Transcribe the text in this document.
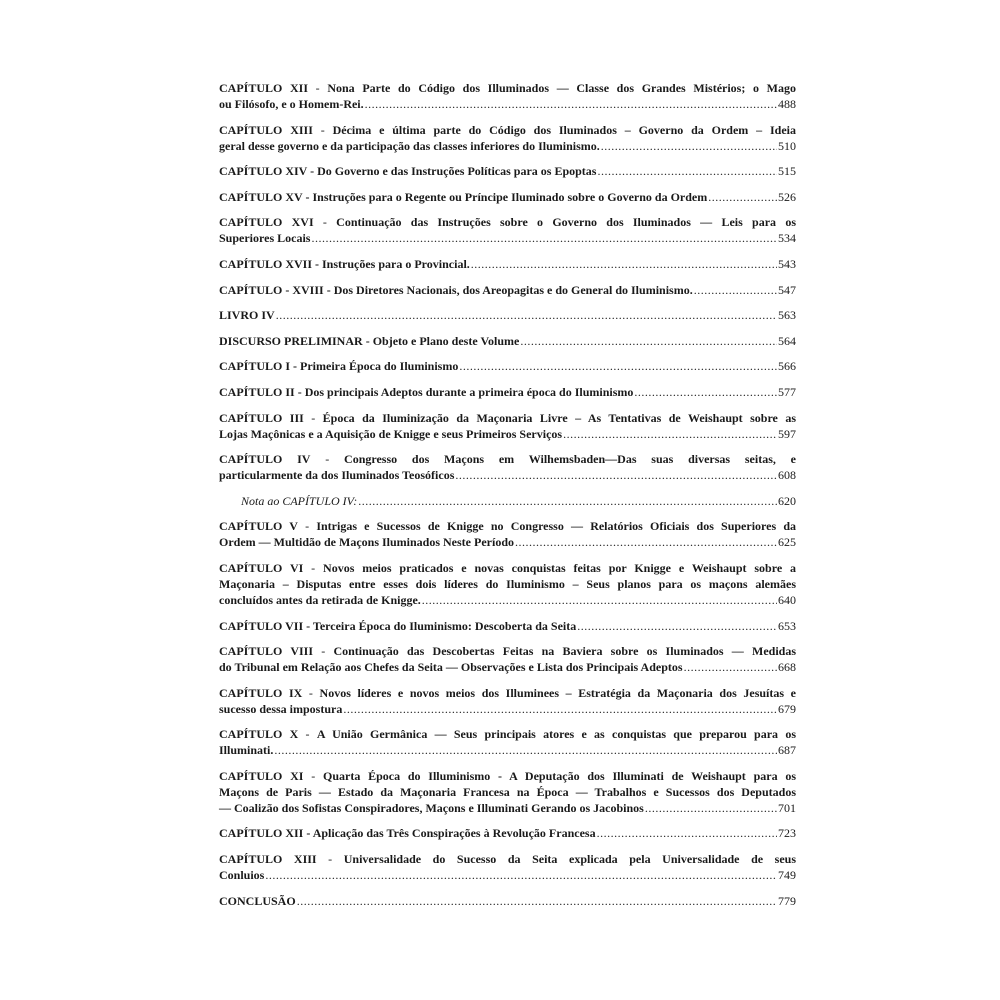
CAPÍTULO XII - Nona Parte do Código dos Illuminados — Classe dos Grandes Mistérios; o Mago
ou Filósofo, e o Homem-Rei. .....	488
CAPÍTULO XIII - Décima e última parte do Código dos Iluminados – Governo da Ordem – Ideia
geral desse governo e da participação das classes inferiores do Iluminismo. .....	510
CAPÍTULO XIV - Do Governo e das Instruções Políticas para os Epoptas .....	515
CAPÍTULO XV - Instruções para o Regente ou Príncipe Iluminado sobre o Governo da Ordem .....	526
CAPÍTULO XVI - Continuação das Instruções sobre o Governo dos Iluminados — Leis para os
Superiores Locais .....	534
CAPÍTULO XVII - Instruções para o Provincial. .....	543
CAPÍTULO - XVIII - Dos Diretores Nacionais, dos Areopagitas e do General do Iluminismo. .....	547
LIVRO IV .....	563
DISCURSO PRELIMINAR - Objeto e Plano deste Volume .....	564
CAPÍTULO I - Primeira Época do Iluminismo .....	566
CAPÍTULO II - Dos principais Adeptos durante a primeira época do Iluminismo .....	577
CAPÍTULO III - Época da Iluminização da Maçonaria Livre – As Tentativas de Weishaupt sobre as
Lojas Maçônicas e a Aquisição de Knigge e seus Primeiros Serviços .....	597
CAPÍTULO IV - Congresso dos Maçons em Wilhemsbaden—Das suas diversas seitas, e
particularmente da dos Iluminados Teosóficos .....	608
Nota ao CAPÍTULO IV: .....	620
CAPÍTULO V - Intrigas e Sucessos de Knigge no Congresso — Relatórios Oficiais dos Superiores da
Ordem — Multidão de Maçons Iluminados Neste Período .....	625
CAPÍTULO VI - Novos meios praticados e novas conquistas feitas por Knigge e Weishaupt sobre a
Maçonaria – Disputas entre esses dois líderes do Iluminismo – Seus planos para os maçons alemães
concluídos antes da retirada de Knigge. .....	640
CAPÍTULO VII - Terceira Época do Iluminismo: Descoberta da Seita .....	653
CAPÍTULO VIII - Continuação das Descobertas Feitas na Baviera sobre os Iluminados — Medidas
do Tribunal em Relação aos Chefes da Seita — Observações e Lista dos Principais Adeptos .....	668
CAPÍTULO IX - Novos líderes e novos meios dos Illuminees – Estratégia da Maçonaria dos Jesuítas e
sucesso dessa impostura .....	679
CAPÍTULO X - A União Germânica — Seus principais atores e as conquistas que preparou para os
Illuminati. .....	687
CAPÍTULO XI - Quarta Época do Illuminismo - A Deputação dos Illuminati de Weishaupt para os
Maçons de Paris — Estado da Maçonaria Francesa na Época — Trabalhos e Sucessos dos Deputados
— Coalizão dos Sofistas Conspiradores, Maçons e Illuminati Gerando os Jacobinos .....	701
CAPÍTULO XII - Aplicação das Três Conspirações à Revolução Francesa .....	723
CAPÍTULO XIII - Universalidade do Sucesso da Seita explicada pela Universalidade de seus
Conluios .....	749
CONCLUSÃO .....	779
